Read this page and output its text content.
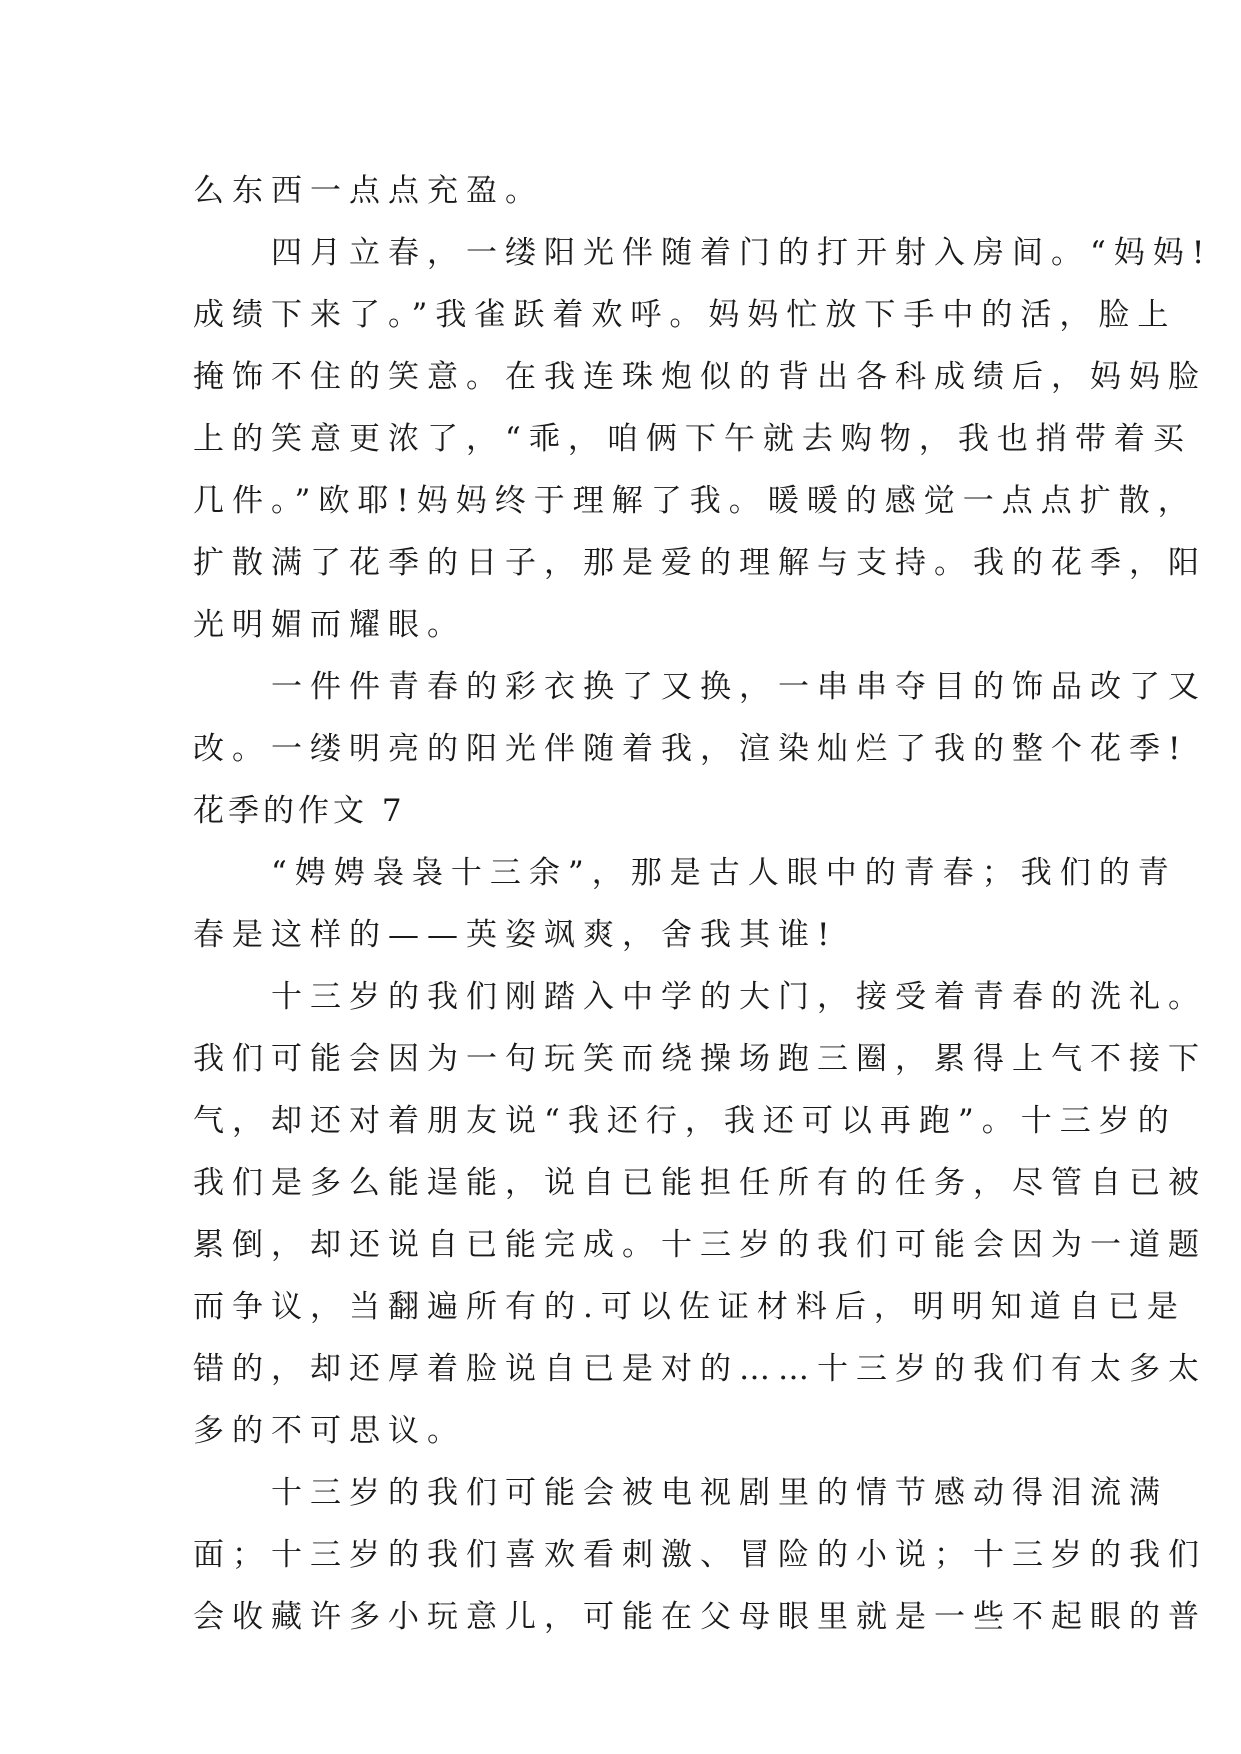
么东西一点点充盈。
　　四月立春，一缕阳光伴随着门的打开射入房间。“妈妈!
成绩下来了。”我雀跃着欢呼。妈妈忙放下手中的活，脸上
掩饰不住的笑意。在我连珠炮似的背出各科成绩后，妈妈脸
上的笑意更浓了，“乖，咱俩下午就去购物，我也捎带着买
几件。”欧耶!妈妈终于理解了我。暖暖的感觉一点点扩散，
扩散满了花季的日子，那是爱的理解与支持。我的花季，阳
光明媚而耀眼。
　　一件件青春的彩衣换了又换，一串串夺目的饰品改了又
改。一缕明亮的阳光伴随着我，渲染灿烂了我的整个花季!
花季的作文 7
　　“娉娉袅袅十三余”，那是古人眼中的青春；我们的青
春是这样的——英姿飒爽，舍我其谁!
　　十三岁的我们刚踏入中学的大门，接受着青春的洗礼。
我们可能会因为一句玩笑而绕操场跑三圈，累得上气不接下
气，却还对着朋友说“我还行，我还可以再跑”。十三岁的
我们是多么能逞能，说自已能担任所有的任务，尽管自已被
累倒，却还说自已能完成。十三岁的我们可能会因为一道题
而争议，当翻遍所有的.可以佐证材料后，明明知道自已是
错的，却还厚着脸说自已是对的……十三岁的我们有太多太
多的不可思议。
　　十三岁的我们可能会被电视剧里的情节感动得泪流满
面；十三岁的我们喜欢看刺激、冒险的小说；十三岁的我们
会收藏许多小玩意儿，可能在父母眼里就是一些不起眼的普
